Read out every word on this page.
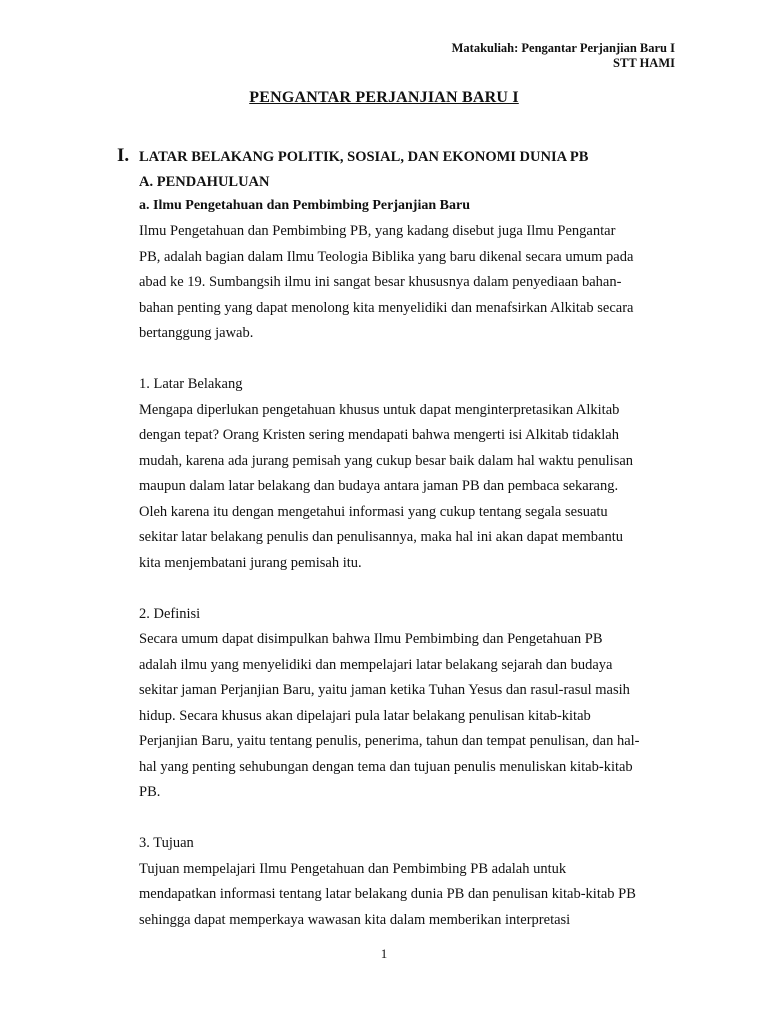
Matakuliah: Pengantar Perjanjian Baru I
STT HAMI
PENGANTAR PERJANJIAN BARU I
I. LATAR BELAKANG POLITIK, SOSIAL, DAN EKONOMI DUNIA PB
A. PENDAHULUAN
a. Ilmu Pengetahuan dan Pembimbing Perjanjian Baru
Ilmu Pengetahuan dan Pembimbing PB, yang kadang disebut juga Ilmu Pengantar
PB, adalah bagian dalam Ilmu Teologia Biblika yang baru dikenal secara umum pada
abad ke 19. Sumbangsih ilmu ini sangat besar khususnya dalam penyediaan bahan-
bahan penting yang dapat menolong kita menyelidiki dan menafsirkan Alkitab secara
bertanggung jawab.
1. Latar Belakang
Mengapa diperlukan pengetahuan khusus untuk dapat menginterpretasikan Alkitab
dengan tepat? Orang Kristen sering mendapati bahwa mengerti isi Alkitab tidaklah
mudah, karena ada jurang pemisah yang cukup besar baik dalam hal waktu penulisan
maupun dalam latar belakang dan budaya antara jaman PB dan pembaca sekarang.
Oleh karena itu dengan mengetahui informasi yang cukup tentang segala sesuatu
sekitar latar belakang penulis dan penulisannya, maka hal ini akan dapat membantu
kita menjembatani jurang pemisah itu.
2. Definisi
Secara umum dapat disimpulkan bahwa Ilmu Pembimbing dan Pengetahuan PB
adalah ilmu yang menyelidiki dan mempelajari latar belakang sejarah dan budaya
sekitar jaman Perjanjian Baru, yaitu jaman ketika Tuhan Yesus dan rasul-rasul masih
hidup. Secara khusus akan dipelajari pula latar belakang penulisan kitab-kitab
Perjanjian Baru, yaitu tentang penulis, penerima, tahun dan tempat penulisan, dan hal-
hal yang penting sehubungan dengan tema dan tujuan penulis menuliskan kitab-kitab
PB.
3. Tujuan
Tujuan mempelajari Ilmu Pengetahuan dan Pembimbing PB adalah untuk
mendapatkan informasi tentang latar belakang dunia PB dan penulisan kitab-kitab PB
sehingga dapat memperkaya wawasan kita dalam memberikan interpretasi
1
